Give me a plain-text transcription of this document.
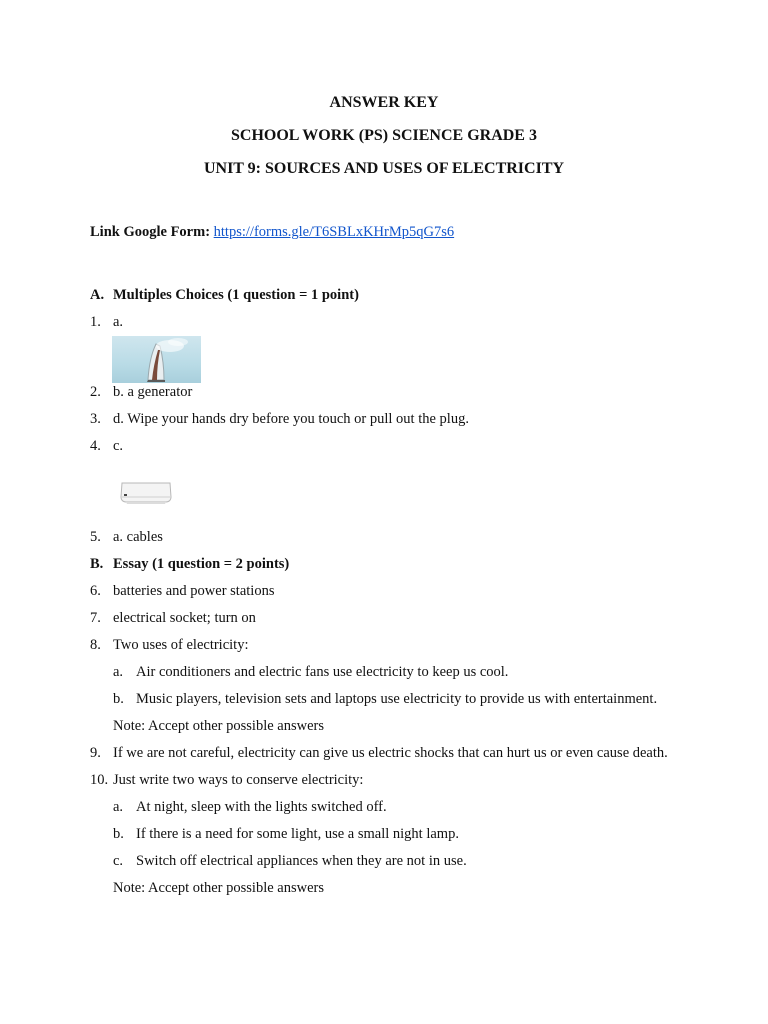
ANSWER KEY
SCHOOL WORK (PS) SCIENCE GRADE 3
UNIT 9: SOURCES AND USES OF ELECTRICITY
Link Google Form: https://forms.gle/T6SBLxKHrMp5qG7s6
A. Multiples Choices (1 question = 1 point)
1. a.
2. b. a generator
3. d. Wipe your hands dry before you touch or pull out the plug.
4. c.
5. a. cables
B. Essay (1 question = 2 points)
6. batteries and power stations
7. electrical socket; turn on
8. Two uses of electricity:
a. Air conditioners and electric fans use electricity to keep us cool.
b. Music players, television sets and laptops use electricity to provide us with entertainment.
Note: Accept other possible answers
9. If we are not careful, electricity can give us electric shocks that can hurt us or even cause death.
10. Just write two ways to conserve electricity:
a. At night, sleep with the lights switched off.
b. If there is a need for some light, use a small night lamp.
c. Switch off electrical appliances when they are not in use.
Note: Accept other possible answers
